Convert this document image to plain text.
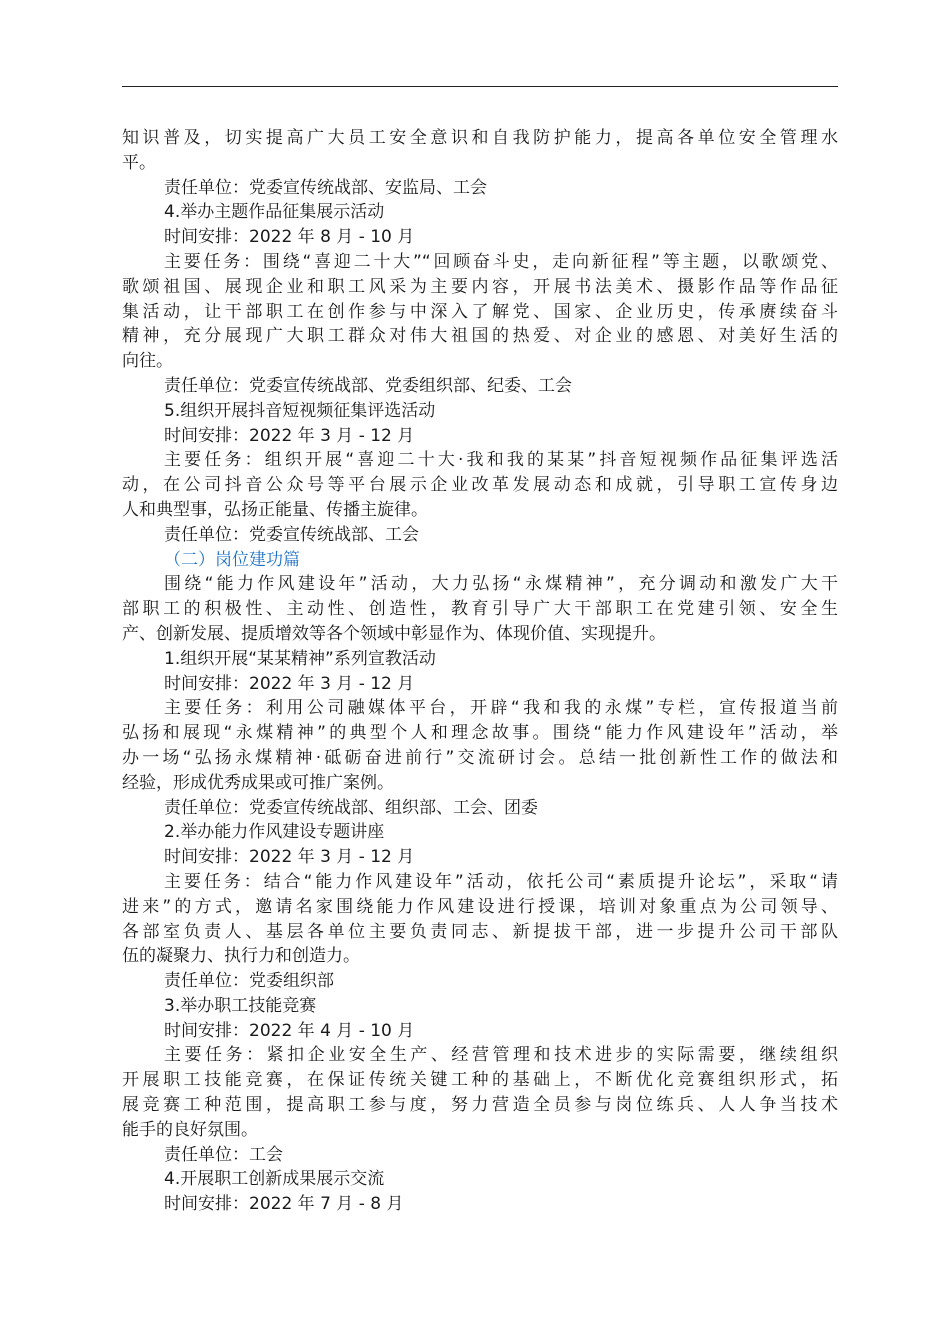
知识普及，切实提高广大员工安全意识和自我防护能力，提高各单位安全管理水
平。
责任单位：党委宣传统战部、安监局、工会
4.举办主题作品征集展示活动
时间安排：2022 年 8 月 - 10 月
主要任务：围绕“喜迎二十大”“回顾奋斗史，走向新征程”等主题，以歌颂党、
歌颂祖国、展现企业和职工风采为主要内容，开展书法美术、摄影作品等作品征
集活动，让干部职工在创作参与中深入了解党、国家、企业历史，传承赓续奋斗
精神，充分展现广大职工群众对伟大祖国的热爱、对企业的感恩、对美好生活的
向往。
责任单位：党委宣传统战部、党委组织部、纪委、工会
5.组织开展抖音短视频征集评选活动
时间安排：2022 年 3 月 - 12 月
主要任务：组织开展“喜迎二十大·我和我的某某”抖音短视频作品征集评选活
动，在公司抖音公众号等平台展示企业改革发展动态和成就，引导职工宣传身边
人和典型事，弘扬正能量、传播主旋律。
责任单位：党委宣传统战部、工会
（二）岗位建功篇
围绕“能力作风建设年”活动，大力弘扬“永煤精神”，充分调动和激发广大干
部职工的积极性、主动性、创造性，教育引导广大干部职工在党建引领、安全生
产、创新发展、提质增效等各个领域中彰显作为、体现价值、实现提升。
1.组织开展“某某精神”系列宣教活动
时间安排：2022 年 3 月 - 12 月
主要任务：利用公司融媒体平台，开辟“我和我的永煤”专栏，宣传报道当前
弘扬和展现“永煤精神”的典型个人和理念故事。围绕“能力作风建设年”活动，举
办一场“弘扬永煤精神·砥砺奋进前行”交流研讨会。总结一批创新性工作的做法和
经验，形成优秀成果或可推广案例。
责任单位：党委宣传统战部、组织部、工会、团委
2.举办能力作风建设专题讲座
时间安排：2022 年 3 月 - 12 月
主要任务：结合“能力作风建设年”活动，依托公司“素质提升论坛”，采取“请
进来”的方式，邀请名家围绕能力作风建设进行授课，培训对象重点为公司领导、
各部室负责人、基层各单位主要负责同志、新提拔干部，进一步提升公司干部队
伍的凝聚力、执行力和创造力。
责任单位：党委组织部
3.举办职工技能竞赛
时间安排：2022 年 4 月 - 10 月
主要任务：紧扣企业安全生产、经营管理和技术进步的实际需要，继续组织
开展职工技能竞赛，在保证传统关键工种的基础上，不断优化竞赛组织形式，拓
展竞赛工种范围，提高职工参与度，努力营造全员参与岗位练兵、人人争当技术
能手的良好氛围。
责任单位：工会
4.开展职工创新成果展示交流
时间安排：2022 年 7 月 - 8 月
